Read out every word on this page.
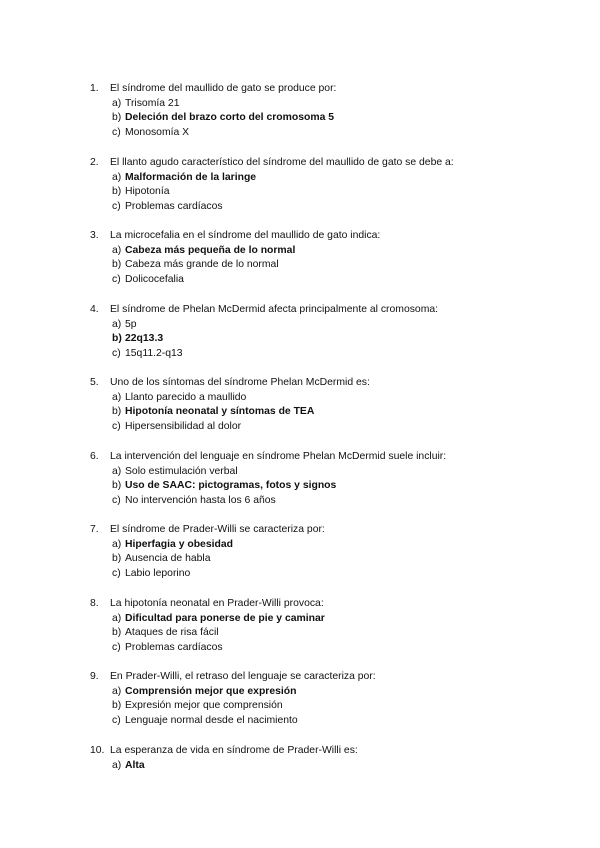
1. El síndrome del maullido de gato se produce por:
a) Trisomía 21
b) Deleción del brazo corto del cromosoma 5
c) Monosomía X
2. El llanto agudo característico del síndrome del maullido de gato se debe a:
a) Malformación de la laringe
b) Hipotonía
c) Problemas cardíacos
3. La microcefalia en el síndrome del maullido de gato indica:
a) Cabeza más pequeña de lo normal
b) Cabeza más grande de lo normal
c) Dolicocefalia
4. El síndrome de Phelan McDermid afecta principalmente al cromosoma:
a) 5p
b) 22q13.3
c) 15q11.2-q13
5. Uno de los síntomas del síndrome Phelan McDermid es:
a) Llanto parecido a maullido
b) Hipotonía neonatal y síntomas de TEA
c) Hipersensibilidad al dolor
6. La intervención del lenguaje en síndrome Phelan McDermid suele incluir:
a) Solo estimulación verbal
b) Uso de SAAC: pictogramas, fotos y signos
c) No intervención hasta los 6 años
7. El síndrome de Prader-Willi se caracteriza por:
a) Hiperfagia y obesidad
b) Ausencia de habla
c) Labio leporino
8. La hipotonía neonatal en Prader-Willi provoca:
a) Dificultad para ponerse de pie y caminar
b) Ataques de risa fácil
c) Problemas cardíacos
9. En Prader-Willi, el retraso del lenguaje se caracteriza por:
a) Comprensión mejor que expresión
b) Expresión mejor que comprensión
c) Lenguaje normal desde el nacimiento
10. La esperanza de vida en síndrome de Prader-Willi es:
a) Alta
